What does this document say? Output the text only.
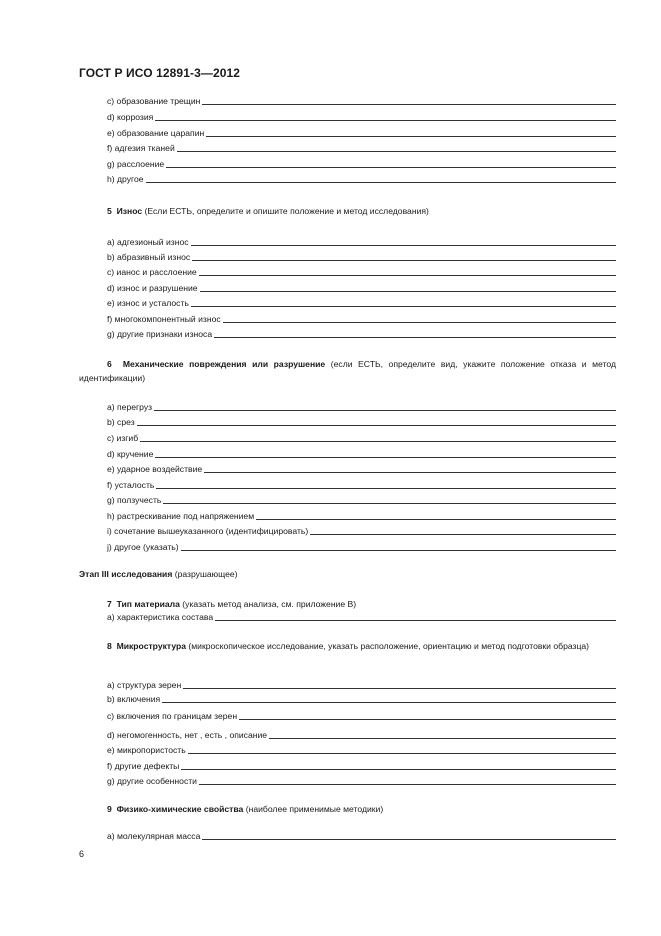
ГОСТ Р ИСО 12891-3—2012
c) образование трещин
d) коррозия
e) образование царапин
f) адгезия тканей
g) расслоение
h) другое
5 Износ (Если ЕСТЬ, определите и опишите положение и метод исследования)
a) адгезионый износ
b) абразивный износ
c) ианос и расслоение
d) износ и разрушение
e) износ и усталость
f) многокомпонентный износ
g) другие признаки износа
6 Механические повреждения или разрушение (если ЕСТЬ, определите вид, укажите положение отказа и метод идентификации)
a) перегруз
b) срез
c) изгиб
d) кручение
e) ударное воздействие
f) усталость
g) ползучесть
h) растрескивание под напряжением
i) сочетание вышеуказанного (идентифицировать)
j) другое (указать)
Этап III исследования (разрушающее)
7 Тип материала (указать метод анализа, см. приложение В)
a) характеристика состава
8 Микроструктура (микроскопическое исследование, указать расположение, ориентацию и метод подготовки образца)
a) структура зерен
b) включения
c) включения по границам зерен
d) негомогенность, нет , есть , описание
e) микропористость
f) другие дефекты
g) другие особенности
9 Физико-химические свойства (наиболее применимые методики)
a) молекулярная масса
6
